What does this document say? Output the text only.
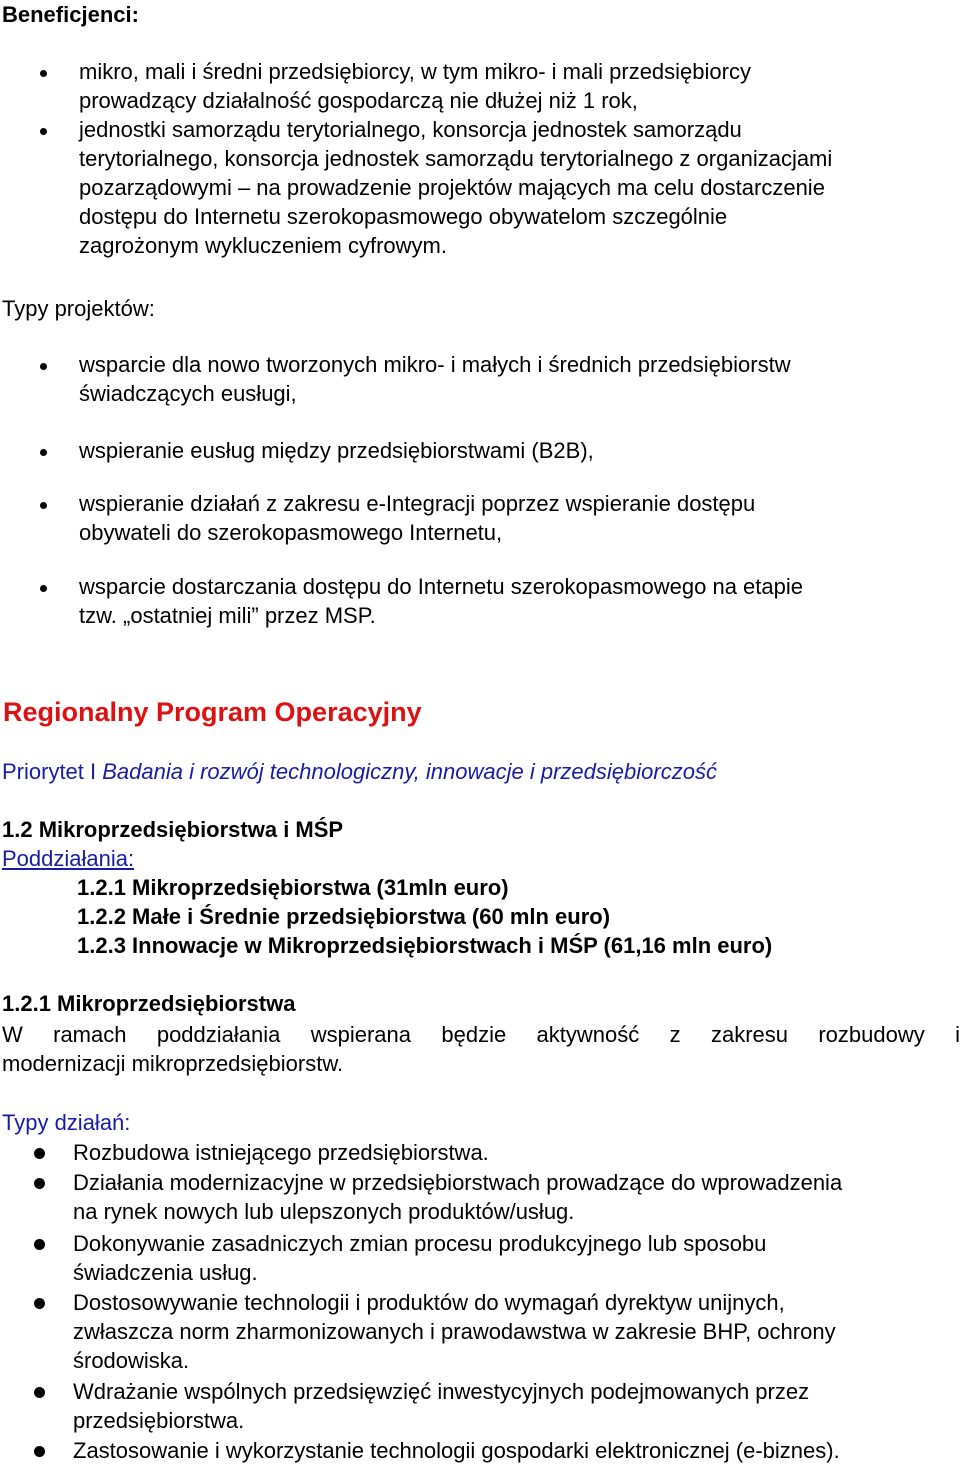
Beneficjenci:
mikro, mali i średni przedsiębiorcy, w tym mikro- i mali przedsiębiorcy
prowadzący działalność gospodarczą nie dłużej niż 1 rok,
jednostki samorządu terytorialnego, konsorcja jednostek samorządu
terytorialnego, konsorcja jednostek samorządu terytorialnego z organizacjami
pozarządowymi – na prowadzenie projektów mających ma celu dostarczenie
dostępu do Internetu szerokopasmowego obywatelom szczególnie
zagrożonym wykluczeniem cyfrowym.
Typy projektów:
wsparcie dla nowo tworzonych mikro- i małych i średnich przedsiębiorstw
świadczących eusługi,
wspieranie eusług między przedsiębiorstwami (B2B),
wspieranie działań z zakresu e-Integracji poprzez wspieranie dostępu
obywateli do szerokopasmowego Internetu,
wsparcie dostarczania dostępu do Internetu szerokopasmowego na etapie
tzw. „ostatniej mili” przez MSP.
Regionalny Program Operacyjny
Priorytet I Badania i rozwój technologiczny, innowacje i przedsiębiorczość
1.2 Mikroprzedsiębiorstwa i MŚP
Poddziałania:
1.2.1 Mikroprzedsiębiorstwa (31mln euro)
1.2.2 Małe i Średnie przedsiębiorstwa (60 mln euro)
1.2.3 Innowacje w Mikroprzedsiębiorstwach i MŚP (61,16 mln euro)
1.2.1 Mikroprzedsiębiorstwa
W ramach poddziałania wspierana będzie aktywność z zakresu rozbudowy i
modernizacji mikroprzedsiębiorstw.
Typy działań:
Rozbudowa istniejącego przedsiębiorstwa.
Działania modernizacyjne w przedsiębiorstwach prowadzące do wprowadzenia
na rynek nowych lub ulepszonych produktów/usług.
Dokonywanie zasadniczych zmian procesu produkcyjnego lub sposobu
świadczenia usług.
Dostosowywanie technologii i produktów do wymagań dyrektyw unijnych,
zwłaszcza norm zharmonizowanych i prawodawstwa w zakresie BHP, ochrony
środowiska.
Wdrażanie wspólnych przedsięwzięć inwestycyjnych podejmowanych przez
przedsiębiorstwa.
Zastosowanie i wykorzystanie technologii gospodarki elektronicznej (e-biznes).
